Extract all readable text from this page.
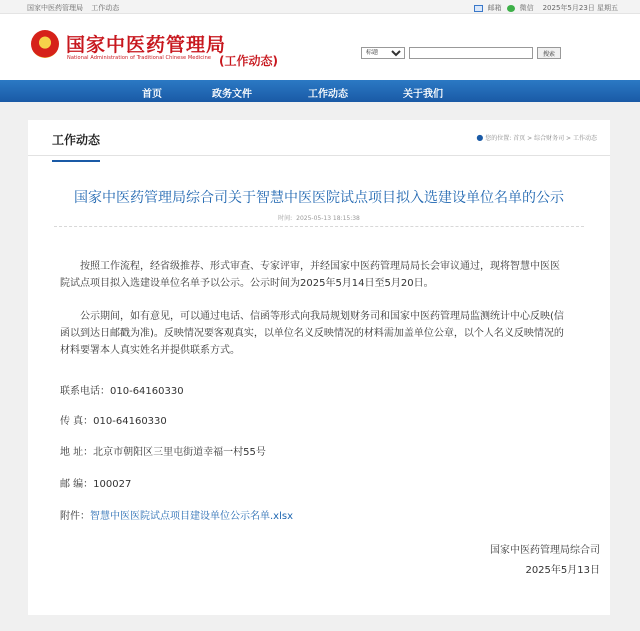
国家中医药管理局 工作动态	邮箱	微信 2025年5月23日 星期五
★
国家中医药管理局
National Administration of Traditional Chinese Medicine (工作动态)
标题	搜索
首页	政务文件	工作动态	关于我们
工作动态	● 您的位置: 首页 > 综合财务司 > 工作动态
国家中医药管理局综合司关于智慧中医医院试点项目拟入选建设单位名单的公示
时间: 2025-05-13 18:15:38
按照工作流程，经省级推荐、形式审查、专家评审，并经国家中医药管理局局长会审议通过，现将智慧中医医
院试点项目拟入选建设单位名单予以公示。公示时间为2025年5月14日至5月20日。
公示期间，如有意见，可以通过电话、信函等形式向我局规划财务司和国家中医药管理局监测统计中心反映(信
函以到达日邮戳为准)。反映情况要客观真实，以单位名义反映情况的材料需加盖单位公章，以个人名义反映情况的
材料要署本人真实姓名并提供联系方式。
联系电话：010-64160330
传 真：010-64160330
地 址：北京市朝阳区三里屯街道幸福一村55号
邮 编：100027
附件：智慧中医医院试点项目建设单位公示名单.xlsx
国家中医药管理局综合司
2025年5月13日
